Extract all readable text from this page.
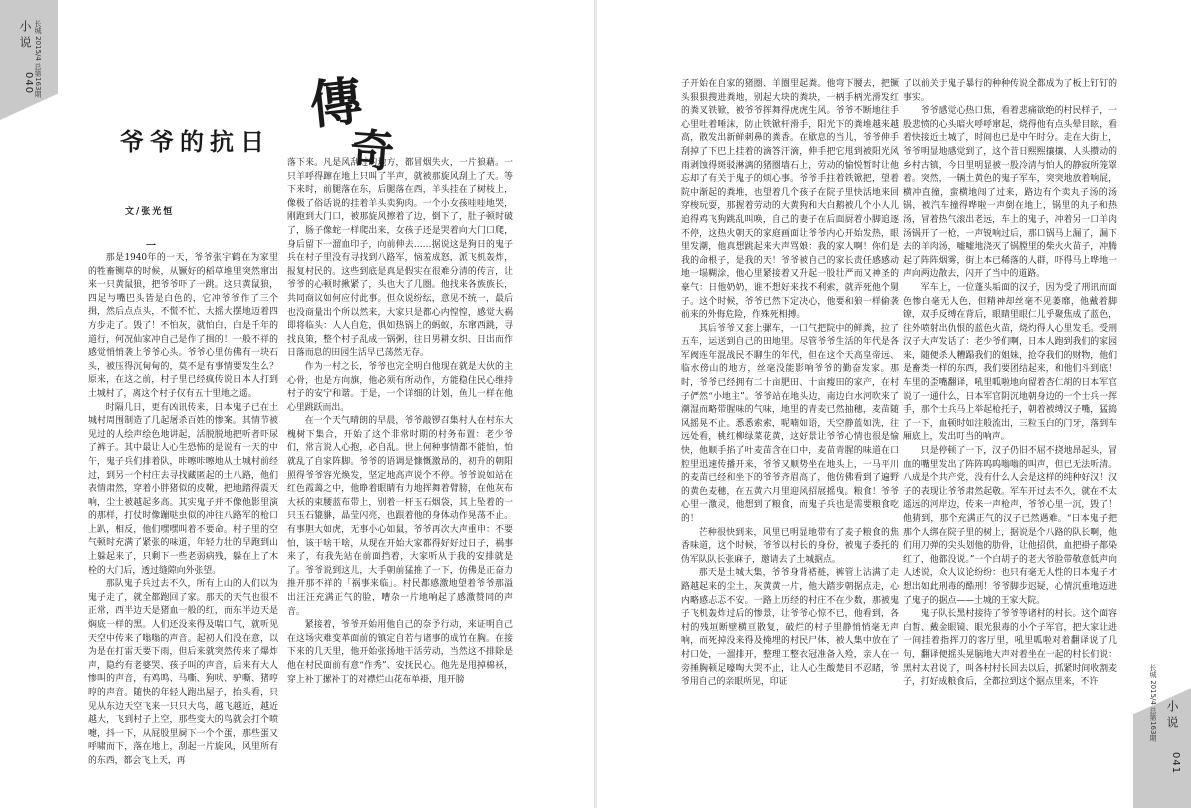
小说
040 长城 2015/4 总第163期
爷爷的抗日
傳
奇
文/张光恒
一

那是1940年的一天，爷爷张宇鹤在为家里的牲畜铡草的时候，从镢好的稻草堆里突然窜出来一只黄鼠狼，把爷爷吓了一跳。这只黄鼠狼，四足与嘴巴头皆是白色的，它冲爷爷作了三个揖，然后点点头，不慌不忙、大摇大摆地迈着四方步走了。毁了！不怕灰，就怕白，白是千年的道行，何况仙家冲自己是作了揖的！一般不祥的感觉悄悄袭上爷爷心头。爷爷心里仿佛有一块石头，被压得沉甸甸的，莫不是有事情要发生么？原来，在这之前，村子里已经疯传说日本人打到土城村了，离这个村子仅有五十里地之遥。

时隔几日，更有凶讯传来，日本鬼子已在土城村周围制造了几起屠杀百姓的惨案。其情节被见过的人绘声绘色地讲起，活脱脱地把听者吓尿了裤子。其中最让人心生恐怖的是说有一天的中午，鬼子兵们排着队，咔嚓咔嚓地从土城村前经过，到另一个村庄去寻找藏匿起的土八路，他们表情肃然，穿着小胖猪似的皮靴，把地踏得震天响，尘土被越起多高。其实鬼子并不像他影里演的那样，打仗时像蹦哒虫似的冲往八路军的枪口上趴，相反，他们嘿嘿叫着不要命。村子里的空气顿时充满了紧张的味道，年轻力壮的早跑到山上躲起来了，只剩下一些老弱病残，躲在上了木栓的大门后，透过缝隙向外张望。

那队鬼子兵过去不久，所有上山的人们以为鬼子走了，就全都跑回了家。那天的天气也很不正常，西半边天是猪血一般的红，而东半边天是焖底一样的黑。人们还没来得及喘口气，就听见天空中传来了嗡嗡的声音。起初人们没在意，以为是在打雷天要下雨，但后来就突然传来了爆炸声，隐约有老婆哭、孩子叫的声音，后来有大人惨叫的声音，有鸡鸣、马嘶、狗吠、驴嘶、猪哼哼的声音。随快的年轻人跑出屋子，抬头看，只见从东边天空飞来一只只大鸟，越飞越近，越近越大，飞到村子上空，那些变大的鸟就会打个喷嚏，抖一下，从屁股里屙下一个个蛋，那些蛋又呼啸而下，落在地上，刮起一片旋风，风里所有的东西，都会飞上天，再

落下来。凡是风刮过的地方，都冒烟失火，一片狼藉。一只羊呼得蹿在地上只叫了半声，就被那旋风刮上了天。等下来时，前腿落在东，后腿落在西，羊头挂在了树枝上，像极了俗话说的挂着羊头卖狗肉。一个小女孩哇哇地哭，刚跑到大门口，被那旋风擦着了边，倒下了，肚子顿时破了，肠子像蛇一样爬出来，女孩子还是哭着向大门口爬，身后留下一溜血印子，向前伸去……据说这是狗日的鬼子兵在村子里没有寻找到八路军，恼羞成怒，派飞机轰炸，报复村民的。这些到底是真是假实在很难分清的传言，让爷爷的心顿时揪紧了，头也大了几圈。他找来各族族长，共同商议如何应付此事。但众说纷纭，意见不统一，最后也没商量出个所以然来，大家只是都心内惶惶，感觉大祸即将临头：人人自危，俱如热锅上的蚂蚁，东窜西跳，寻找良策，整个村子乱成一锅粥，往日男耕女织、日出而作日落而息的田园生活早已荡然无存。

作为一村之长，爷爷也完全明白他现在就是大伙的主心骨，也是方向旗，他必须有所动作，方能稳住民心维持村子的安宁和谐。于是，一个详细的计划，鱼儿一样在他心里跳跃而出。

在一个天气晴朗的早晨，爷爷敲锣召集村人在村东大槐树下集合，开始了这个非常时期的村务布置：老少爷们，常言说人心抱，必自乱。世上何种事情都不能怕，怕就乱了自家阵脚。爷爷的语调是慷慨激昂的，初升的朝阳照得爷爷容光焕发，坚定地高声说个不停。爷爷说如站在红色霞蔼之中，他睁着眼睛有力地挥舞着臂膀，在他灰布大袄的束腰蓝布带上，别着一杆玉石烟袋，其上坠着的一只玉石貔貅，晶莹闪亮，也跟着他的身体动作晃荡不止。有事胆大如虎，无事小心如鼠，爷爷再次大声重申：不要怕，该干啥干啥，从现在开始大家都得好好过日子，祸事来了，有我先站在前面挡着，大家听从于我的安排就是了。爷爷说到这儿，大手朝前猛推了一下，仿佛是正奋力推开那不祥的「祸事来临」。村民都感激地望着爷爷那溢出汪汪充满正气的脸，嘈杂一片地响起了感激赞同的声音。

紧接着，爷爷开始用他自己的奈予行动，来证明自己在这场灾难变革面前的镇定自若与诸事的成竹在胸。在接下来的几天里，他开始张扬地干活劳动，当然这不排除是他在村民面前有意“作秀”、安抚民心。他先是甩掉棉袄，穿上补丁摞补丁的对襟烂山花布单褂，甩开膀

子开始在自家的猪圈、羊圈里起粪。他弯下腰去，把镢头狠狠搜进粪地，别起大块的粪块，一柄手柄光滑发红的粪叉铁锨，被爷爷挥舞得虎虎生风。爷爷不断地往手心里吐着唾沫，防止铁锨杆滑手，阳光下的粪堆越来越高，散发出新鲜刺鼻的粪香。在歇息的当儿，爷爷伸手刮掉了下巴上挂着的滴答汗滴，伸手把它甩到被阳光风雨剥蚀得斑驳淋漓的猪圈墙石上，劳动的愉悦暂时让他忘却了有关于鬼子的烦心事。爷爷手拄着铁锨把，望着院中渐起的粪堆，也望着几个孩子在院子里快活地来回穿梭玩耍，那握着劳动的大黄狗和大白鹅被几个小人儿追得鸡飞狗跳乱叫唤，自己的妻子在后面厨着小脚追逐不停，这热火朝天的家庭画面让爷爷内心开始发热，眼里发潮，他真想跳起来大声骂娘：我的家人啊！你们是我的命根子，是我的天！爷爷被自己的家长责任感感动地一塌糊涂，他心里紧接着又升起一股壮严而又神圣的豪气：日他奶奶，谁不想好来找不利索，就弄死他个舅子。这个时候，爷爷已然下定决心，他要和狼一样偷袭前来的外侮危险，作殊死相搏。

其后爷爷又套上骡车，一口气把院中的鲜粪，拉了五车，运送到自己的田地里。尽管爷爷生活的年代是各军阀连年混战民不聊生的年代，但在这个天高皇帝远、临水傍山的地方，丝毫没能影响爷爷的勤奋发家。那时，爷爷已经拥有二十亩肥田、十亩瘦田的家产，在村子俨然“小地主”。爷爷站在地头边，南边白水河吹来了潮湿而略带腥味的气味，地里的青麦已然抽穗，麦苗随风摇晃不止。悉悉索索，呢喃如语，天空静蓝如洗，往远处看，桃红柳绿菜花黄，这好景让爷爷心情也很是愉快，他顺手掐了叶麦苗含在口中，麦苗青腥的味道在口腔里迅速传播开来，爷爷又顺势坐在地头上，一马平川的麦苗已经和坐下的爷爷齐眉高了，他仿佛看到了遍野的黄色麦穗，在五黄六月里迎风招展摇曳。粮食！爷爷心里一激灵，他想到了粮食，而鬼子兵也是需要粮食吃的！

芒种很快到来，风里已明显地带有了麦子粮食的焦香味道，这个时候，爷爷以村长的身份，被鬼子委托的伪军队队长张麻子，邀请去了土城据点。

那天是土城大集，爷爷身背褡裢，裤管上沾满了走路越起来的尘土，灰黄黄一片，他大踏步朝据点走，心内略感忐忑不安。一路上历经的村庄不在少数，那被鬼子飞机轰炸过后的惨景，让爷爷心惊不已，他看到，各村的残垣断壁横亘散复，破烂的村子里静悄悄毫无声响，而死掉没来得及掩埋的村民尸体，被人集中放在了村口处，一溜排开，整理工整衣冠准备入殓，亲人在一旁捶胸顿足嚎啕大哭不止，让人心生酸楚目不忍睹，爷爷用自己的亲眼所见，印证

了以前关于鬼子暴行的种种传说全都成为了板上钉钉的事实。

爷爷感觉心热口焦，看着悲痛欲绝的村民样子，一股悲愤的心头暗火呼呼窜起，烧得他有点头晕目眩，看着快接近土城了，时间也已是中午时分。走在大街上，爷爷明显地感觉到了，这个昔日熙熙攘攘、人头攒动的乡村古镇，今日里明显被一股冷清与怕人的静寂所笼罩着。突然，一辆土黄色的鬼子军车，突突地放着响屁，横冲直撞，蛮横地闯了过来，路边有个卖丸子汤的汤锅，被汽车撞得哗啦一声倒在地上，锅里的丸子和热汤，冒着热气滚出老远，车上的鬼子，冲着另一口羊肉汤锅开了一枪，一声锐响过后，那口锅马上漏了，漏下去的羊肉汤，嘘嘘地浇灭了锅膛里的柴火火苗子，冲腾起了阵阵烟雾，街上本已稀落的人群，吓得马上哗地一声向两边散去，闪开了当中的道路。

军车上，一位蓬头垢面的汉子，因为受了刑讯而面色惨白毫无人色，但精神却丝毫不见萎靡，他戴着脚镣，双手反缚在背后，眼睛里眼仁儿乎聚焦成了蓝色，往外喷射出仇恨的蓝色火苗，烧灼得人心里发毛。受刑汉子大声发话了：老少爷们啊，日本人跑到我们的家园来，随便杀人糟蹋我们的姐妹，抢夺我们的财物，他们是畜类一样的东西，我们要团结起来，和他们斗到底！车里的歪嘴翻译，吼里呱啦地向留着杏仁胡的日本军官说了一通什么，日本军官阴沉地朝身边的一个士兵一挥手，那个士兵马上举起枪托子，朝着被缚汉子嘴，猛捣了一下，血顿时如注般流出，三粒玉白的门牙，落到车厢底上，发出叮当的响声。

只是停顿了一下，汉子仍旧不屈不挠地昂起头，冒血的嘴里发出了阵阵呜呜嗡嗡的叫声，但已无法听清。八成是个共产党，没有什么人会是这样的纯种好汉！汉子的表现让爷爷肃然起敬。军车开过去不久，就在不太遥远的河岸边，传来一声枪声，爷爷心里一沉，毁了！他猜到，那个充满正气的汉子已然遇难。“日本鬼子把那个人绑在院子里的树上，据说是个八路的队长啊，他们用刀弹的尖头划他的肋骨，让他招供，血把褂子都染红了，他都没说。”一个白胡子的老大爷脸带敬意低声向人述说，众人议论纷纷：也只有毫无人性的日本鬼子才想出如此刑毒的酷刑！爷爷脚步迟疑，心情沉重地迈进了鬼子的据点——土城的王家大院。

鬼子队长黑村接待了爷爷等诸村的村长。这个面容白皙、戴金眼镜、眼光狠毒的小个子军官，把大家让进一间挂着指挥刀的客厅里，吼里呱啦对着翻译说了几句，翻译便摇头晃脑地大声对着坐在一起的村长们说：黑村太君说了，叫各村村长回去以后，抓紧时间收割麦子，打好成粮食后，全都拉到这个据点里来，不许	长城 2015/4 总第163期 小说
041
